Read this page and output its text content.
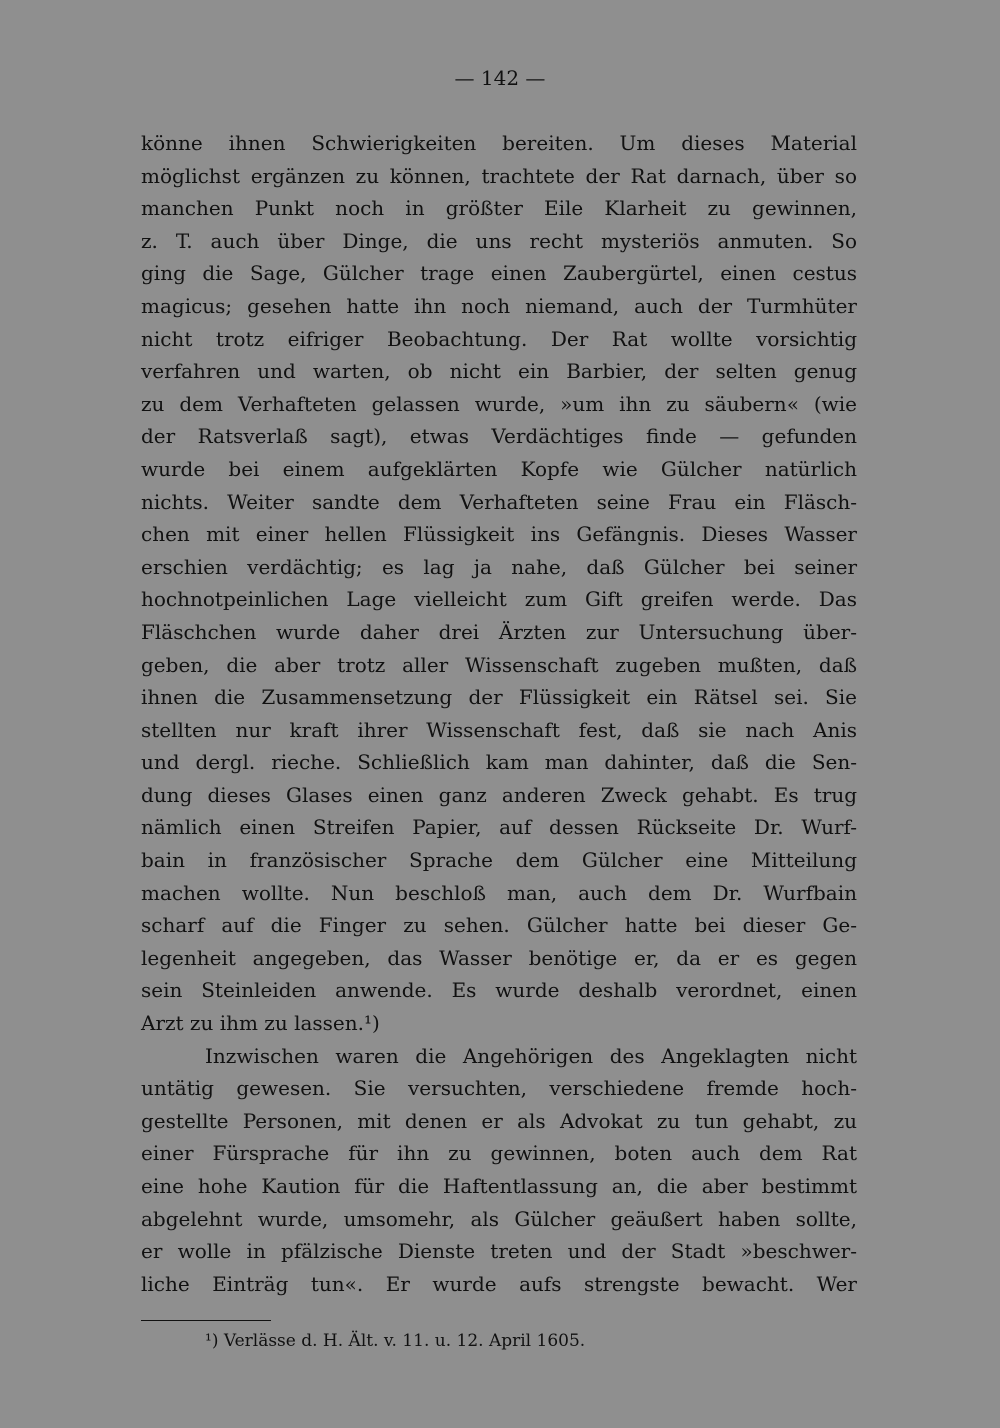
— 142 —
könne ihnen Schwierigkeiten bereiten. Um dieses Material
möglichst ergänzen zu können, trachtete der Rat darnach, über so
manchen Punkt noch in größter Eile Klarheit zu gewinnen,
z. T. auch über Dinge, die uns recht mysteriös anmuten. So
ging die Sage, Gülcher trage einen Zaubergürtel, einen cestus
magicus; gesehen hatte ihn noch niemand, auch der Turmhüter
nicht trotz eifriger Beobachtung. Der Rat wollte vorsichtig
verfahren und warten, ob nicht ein Barbier, der selten genug
zu dem Verhafteten gelassen wurde, »um ihn zu säubern« (wie
der Ratsverlaß sagt), etwas Verdächtiges finde — gefunden
wurde bei einem aufgeklärten Kopfe wie Gülcher natürlich
nichts. Weiter sandte dem Verhafteten seine Frau ein Fläsch-
chen mit einer hellen Flüssigkeit ins Gefängnis. Dieses Wasser
erschien verdächtig; es lag ja nahe, daß Gülcher bei seiner
hochnotpeinlichen Lage vielleicht zum Gift greifen werde. Das
Fläschchen wurde daher drei Ärzten zur Untersuchung über-
geben, die aber trotz aller Wissenschaft zugeben mußten, daß
ihnen die Zusammensetzung der Flüssigkeit ein Rätsel sei. Sie
stellten nur kraft ihrer Wissenschaft fest, daß sie nach Anis
und dergl. rieche. Schließlich kam man dahinter, daß die Sen-
dung dieses Glases einen ganz anderen Zweck gehabt. Es trug
nämlich einen Streifen Papier, auf dessen Rückseite Dr. Wurf-
bain in französischer Sprache dem Gülcher eine Mitteilung
machen wollte. Nun beschloß man, auch dem Dr. Wurfbain
scharf auf die Finger zu sehen. Gülcher hatte bei dieser Ge-
legenheit angegeben, das Wasser benötige er, da er es gegen
sein Steinleiden anwende. Es wurde deshalb verordnet, einen
Arzt zu ihm zu lassen.¹)
Inzwischen waren die Angehörigen des Angeklagten nicht
untätig gewesen. Sie versuchten, verschiedene fremde hoch-
gestellte Personen, mit denen er als Advokat zu tun gehabt, zu
einer Fürsprache für ihn zu gewinnen, boten auch dem Rat
eine hohe Kaution für die Haftentlassung an, die aber bestimmt
abgelehnt wurde, umsomehr, als Gülcher geäußert haben sollte,
er wolle in pfälzische Dienste treten und der Stadt »beschwer-
liche Einträg tun«. Er wurde aufs strengste bewacht. Wer
¹) Verlässe d. H. Ält. v. 11. u. 12. April 1605.
